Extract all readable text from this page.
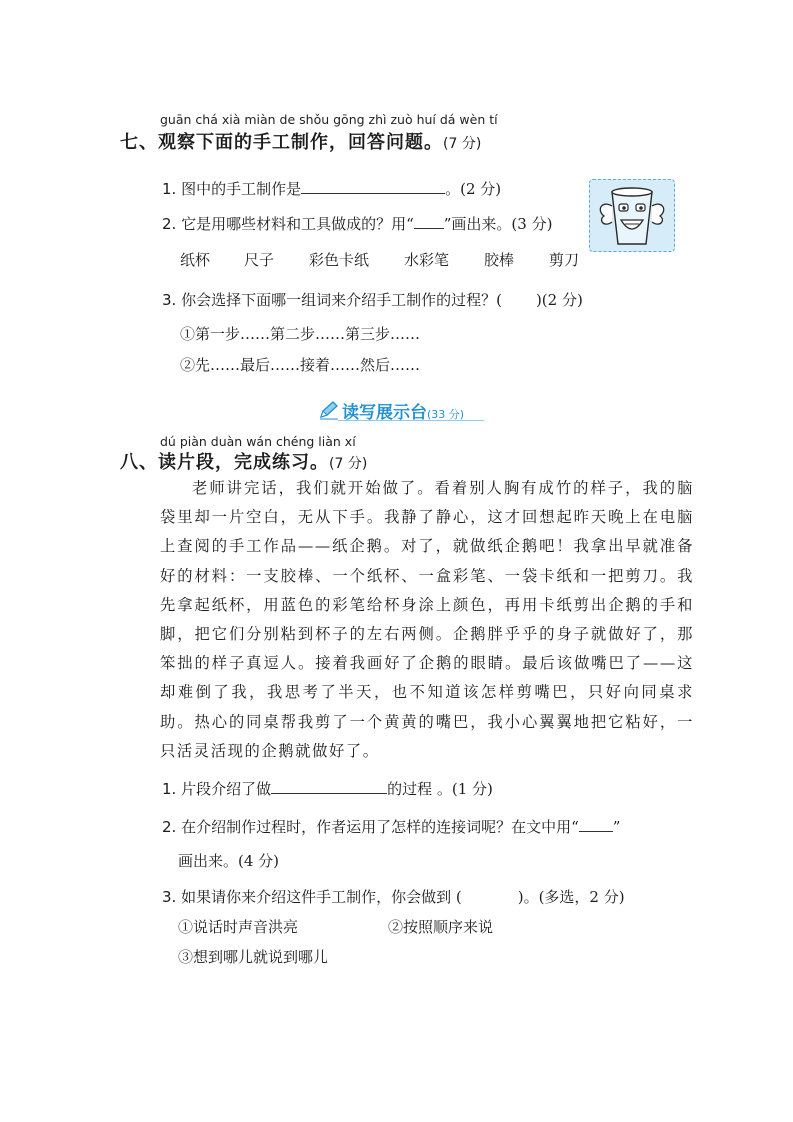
guān chá xià miàn de shǒu gōng zhì zuò huí dá wèn tí
七、观察下面的手工制作，回答问题。(7 分)
1. 图中的手工制作是	。(2 分)
2. 它是用哪些材料和工具做成的？用“ ”画出来。(3 分)
纸杯 尺子 彩色卡纸 水彩笔 胶棒 剪刀
3. 你会选择下面哪一组词来介绍手工制作的过程？( )(2 分)
①第一步……第二步……第三步……
②先……最后……接着……然后……
读写展示台(33 分)
dú piàn duàn wán chéng liàn xí
八、读片段，完成练习。(7 分)
老师讲完话，我们就开始做了。看着别人胸有成竹的样子，我的脑袋里却一片空白，无从下手。我静了静心，这才回想起昨天晚上在电脑上查阅的手工作品——纸企鹅。对了，就做纸企鹅吧！我拿出早就准备好的材料：一支胶棒、一个纸杯、一盒彩笔、一袋卡纸和一把剪刀。我先拿起纸杯，用蓝色的彩笔给杯身涂上颜色，再用卡纸剪出企鹅的手和脚，把它们分别粘到杯子的左右两侧。企鹅胖乎乎的身子就做好了，那笨拙的样子真逗人。接着我画好了企鹅的眼睛。最后该做嘴巴了——这却难倒了我，我思考了半天，也不知道该怎样剪嘴巴，只好向同桌求助。热心的同桌帮我剪了一个黄黄的嘴巴，我小心翼翼地把它粘好，一只活灵活现的企鹅就做好了。
1. 片段介绍了做	的过程 。(1 分)
2. 在介绍制作过程时，作者运用了怎样的连接词呢？在文中用“ ”
画出来。(4 分)
3. 如果请你来介绍这件手工制作，你会做到 (	)。(多选，2 分)
①说话时声音洪亮	②按照顺序来说
③想到哪儿就说到哪儿
